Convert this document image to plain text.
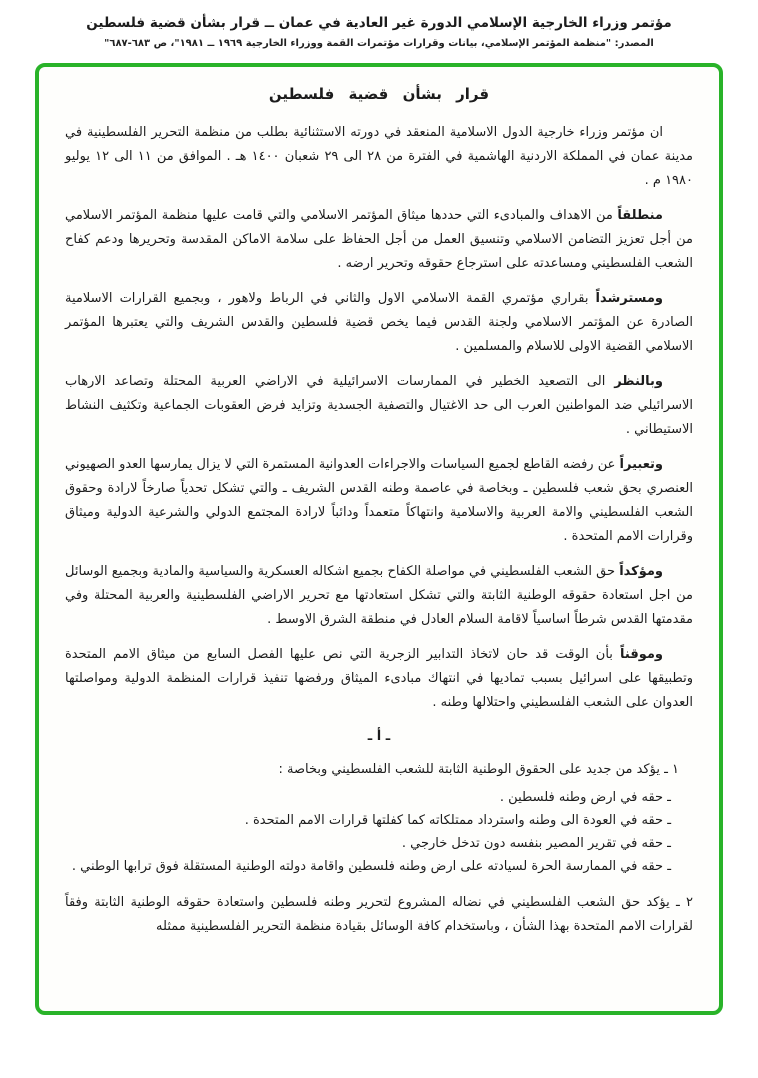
مؤتمر وزراء الخارجية الإسلامي الدورة غير العادية في عمان ــ قرار بشأن قضية فلسطين
المصدر: "منظمة المؤتمر الإسلامي، بيانات وقرارات مؤتمرات القمة ووزراء الخارجية ١٩٦٩ ــ ١٩٨١"، ص ٦٨٣-٦٨٧"
قرار بشأن قضية فلسطين

ان مؤتمر وزراء خارجية الدول الاسلامية المنعقد في دورته الاستثنائية بطلب من منظمة التحرير الفلسطينية في مدينة عمان في المملكة الاردنية الهاشمية في الفترة من ٢٨ الى ٢٩ شعبان ١٤٠٠ هـ . الموافق من ١١ الى ١٢ يوليو ١٩٨٠ م .

منطلقاً من الاهداف والمبادىء التي حددها ميثاق المؤتمر الاسلامي والتي قامت عليها منظمة المؤتمر الاسلامي من أجل تعزيز التضامن الاسلامي وتنسيق العمل من أجل الحفاظ على سلامة الاماكن المقدسة وتحريرها ودعم كفاح الشعب الفلسطيني ومساعدته على استرجاع حقوقه وتحرير ارضه .

ومسترشداً بقراري مؤتمري القمة الاسلامي الاول والثاني في الرباط ولاهور ، وبجميع القرارات الاسلامية الصادرة عن المؤتمر الاسلامي ولجنة القدس فيما يخص قضية فلسطين والقدس الشريف والتي يعتبرها المؤتمر الاسلامي القضية الاولى للاسلام والمسلمين .

وبالنظر الى التصعيد الخطير في الممارسات الاسرائيلية في الاراضي العربية المحتلة وتصاعد الارهاب الاسرائيلي ضد المواطنين العرب الى حد الاغتيال والتصفية الجسدية وتزايد فرض العقوبات الجماعية وتكثيف النشاط الاستيطاني .

وتعبيراً عن رفضه القاطع لجميع السياسات والاجراءات العدوانية المستمرة التي لا يزال يمارسها العدو الصهيوني العنصري بحق شعب فلسطين ـ وبخاصة في عاصمة وطنه القدس الشريف ـ والتي تشكل تحدياً صارخاً لارادة وحقوق الشعب الفلسطيني والامة العربية والاسلامية وانتهاكاً متعمداً ودائباً لارادة المجتمع الدولي والشرعية الدولية وميثاق وقرارات الامم المتحدة .

ومؤكداً حق الشعب الفلسطيني في مواصلة الكفاح بجميع اشكاله العسكرية والسياسية والمادية وبجميع الوسائل من اجل استعادة حقوقه الوطنية الثابتة والتي تشكل استعادتها مع تحرير الاراضي الفلسطينية والعربية المحتلة وفي مقدمتها القدس شرطاً اساسياً لاقامة السلام العادل في منطقة الشرق الاوسط .

وموقناً بأن الوقت قد حان لاتخاذ التدابير الزجرية التي نص عليها الفصل السابع من ميثاق الامم المتحدة وتطبيقها على اسرائيل بسبب تماديها في انتهاك مبادىء الميثاق ورفضها تنفيذ قرارات المنظمة الدولية ومواصلتها العدوان على الشعب الفلسطيني واحتلالها وطنه .

ـ أ ـ

١ ـ يؤكد من جديد على الحقوق الوطنية الثابتة للشعب الفلسطيني وبخاصة :

ـ حقه في ارض وطنه فلسطين .
ـ حقه في العودة الى وطنه واسترداد ممتلكاته كما كفلتها قرارات الامم المتحدة .
ـ حقه في تقرير المصير بنفسه دون تدخل خارجي .
ـ حقه في الممارسة الحرة لسيادته على ارض وطنه فلسطين واقامة دولته الوطنية المستقلة فوق ترابها الوطني .

٢ ـ يؤكد حق الشعب الفلسطيني في نضاله المشروع لتحرير وطنه فلسطين واستعادة حقوقه الوطنية الثابتة وفقاً لقرارات الامم المتحدة بهذا الشأن ، وباستخدام كافة الوسائل بقيادة منظمة التحرير الفلسطينية ممثله
